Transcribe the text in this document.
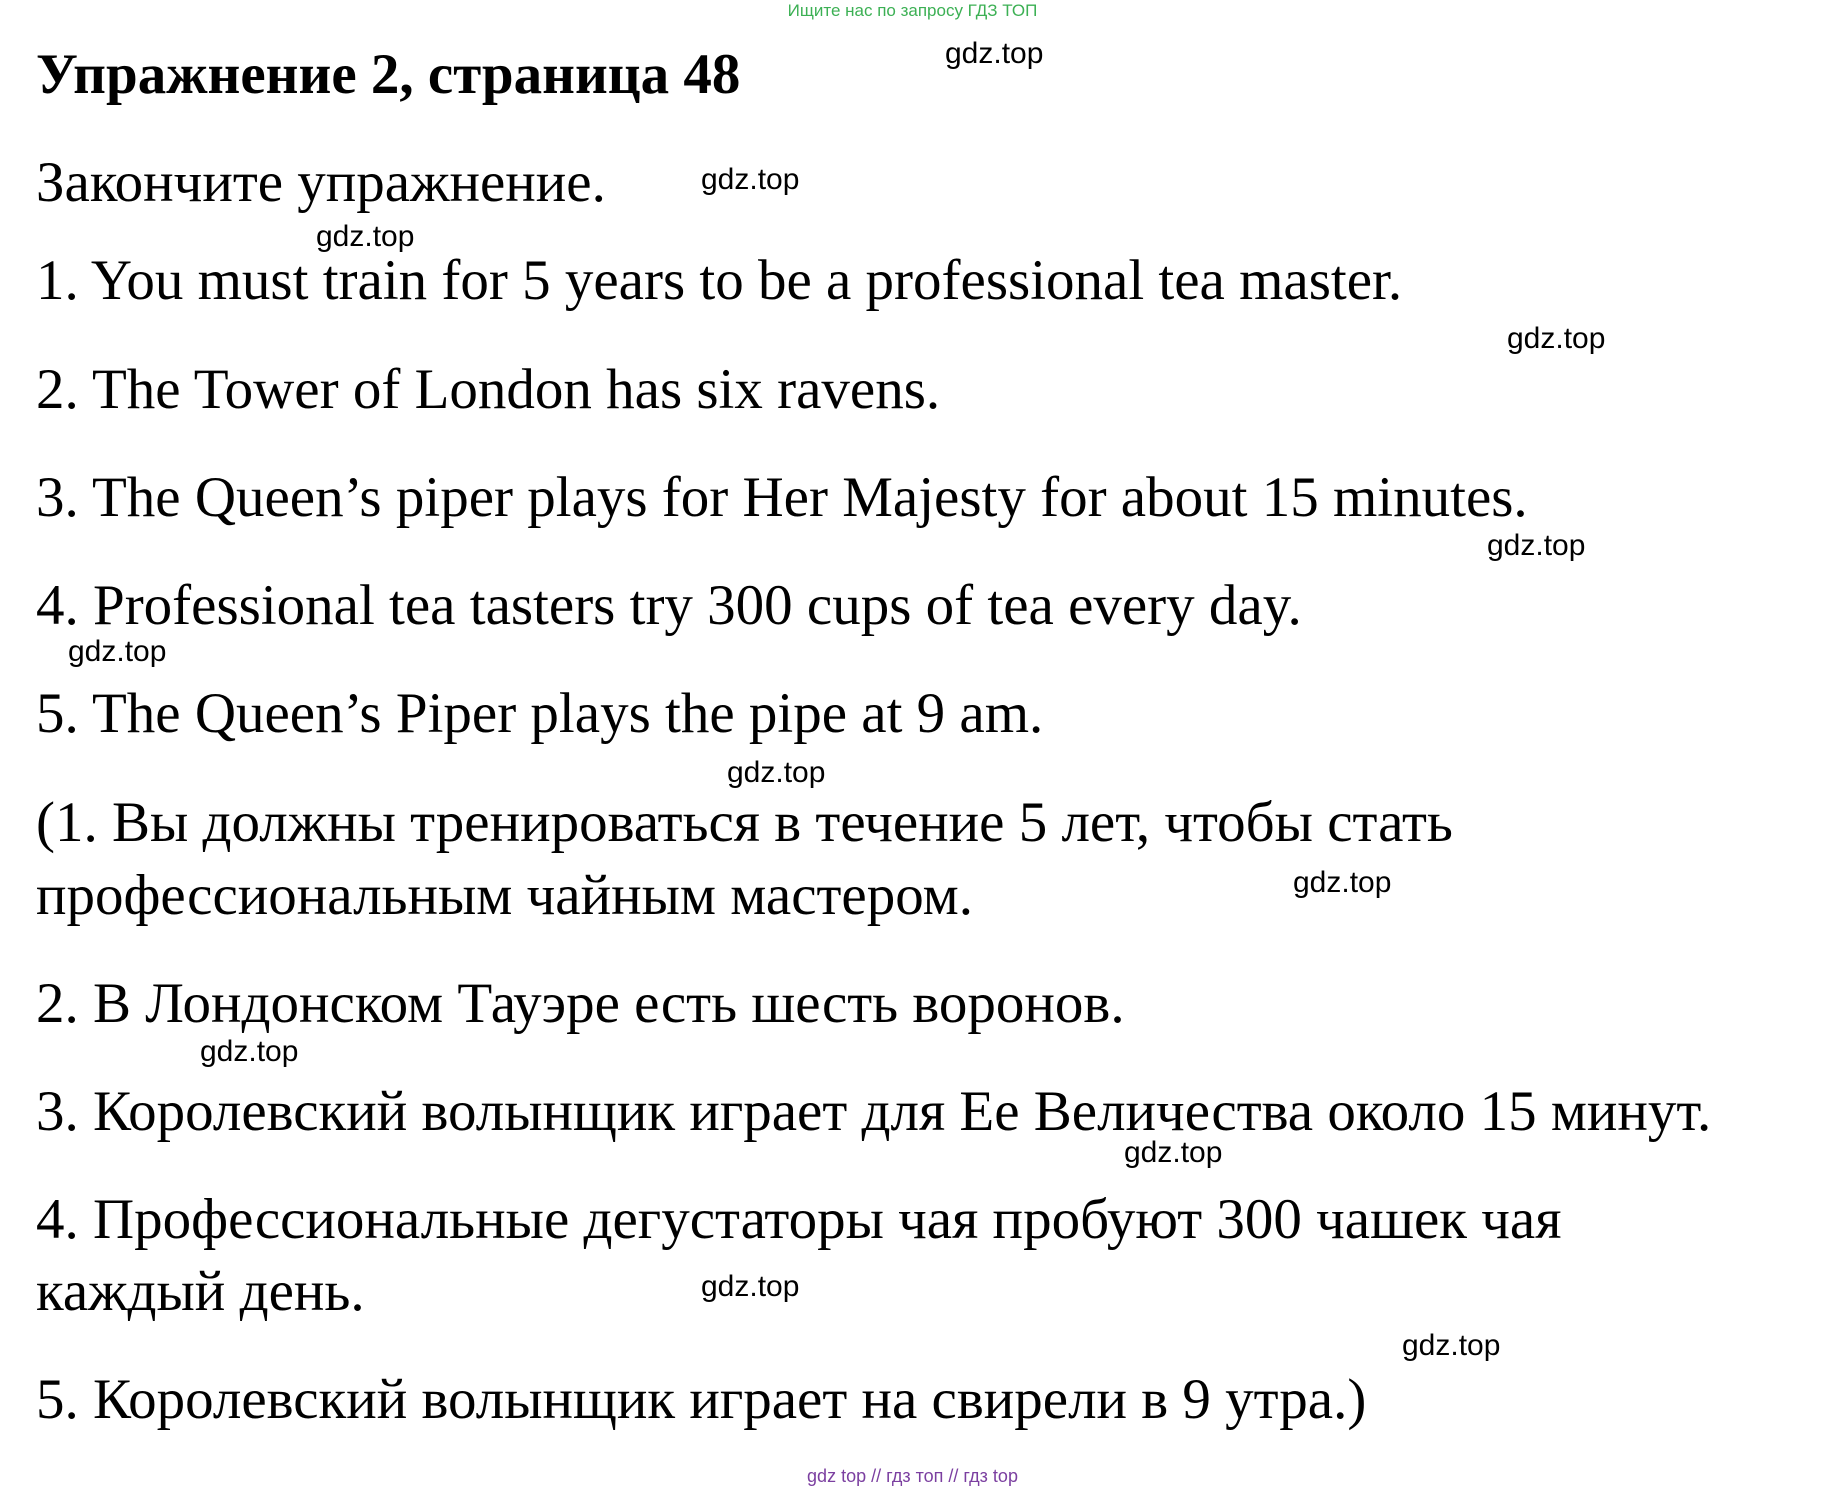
Ищите нас по запросу ГДЗ ТОП
Упражнение 2, страница 48

Закончите упражнение.

1. You must train for 5 years to be a professional tea master.

2. The Tower of London has six ravens.

3. The Queen’s piper plays for Her Majesty for about 15 minutes.

4. Professional tea tasters try 300 cups of tea every day.

5. The Queen’s Piper plays the pipe at 9 am.

(1. Вы должны тренироваться в течение 5 лет, чтобы стать

профессиональным чайным мастером.

2. В Лондонском Тауэре есть шесть воронов.

3. Королевский волынщик играет для Ее Величества около 15 минут.

4. Профессиональные дегустаторы чая пробуют 300 чашек чая

каждый день.

5. Королевский волынщик играет на свирели в 9 утра.)

gdz.top
gdz.top
gdz.top
gdz.top
gdz.top
gdz.top
gdz.top
gdz.top
gdz.top
gdz.top
gdz.top
gdz.top
gdz top // гдз топ // гдз top
